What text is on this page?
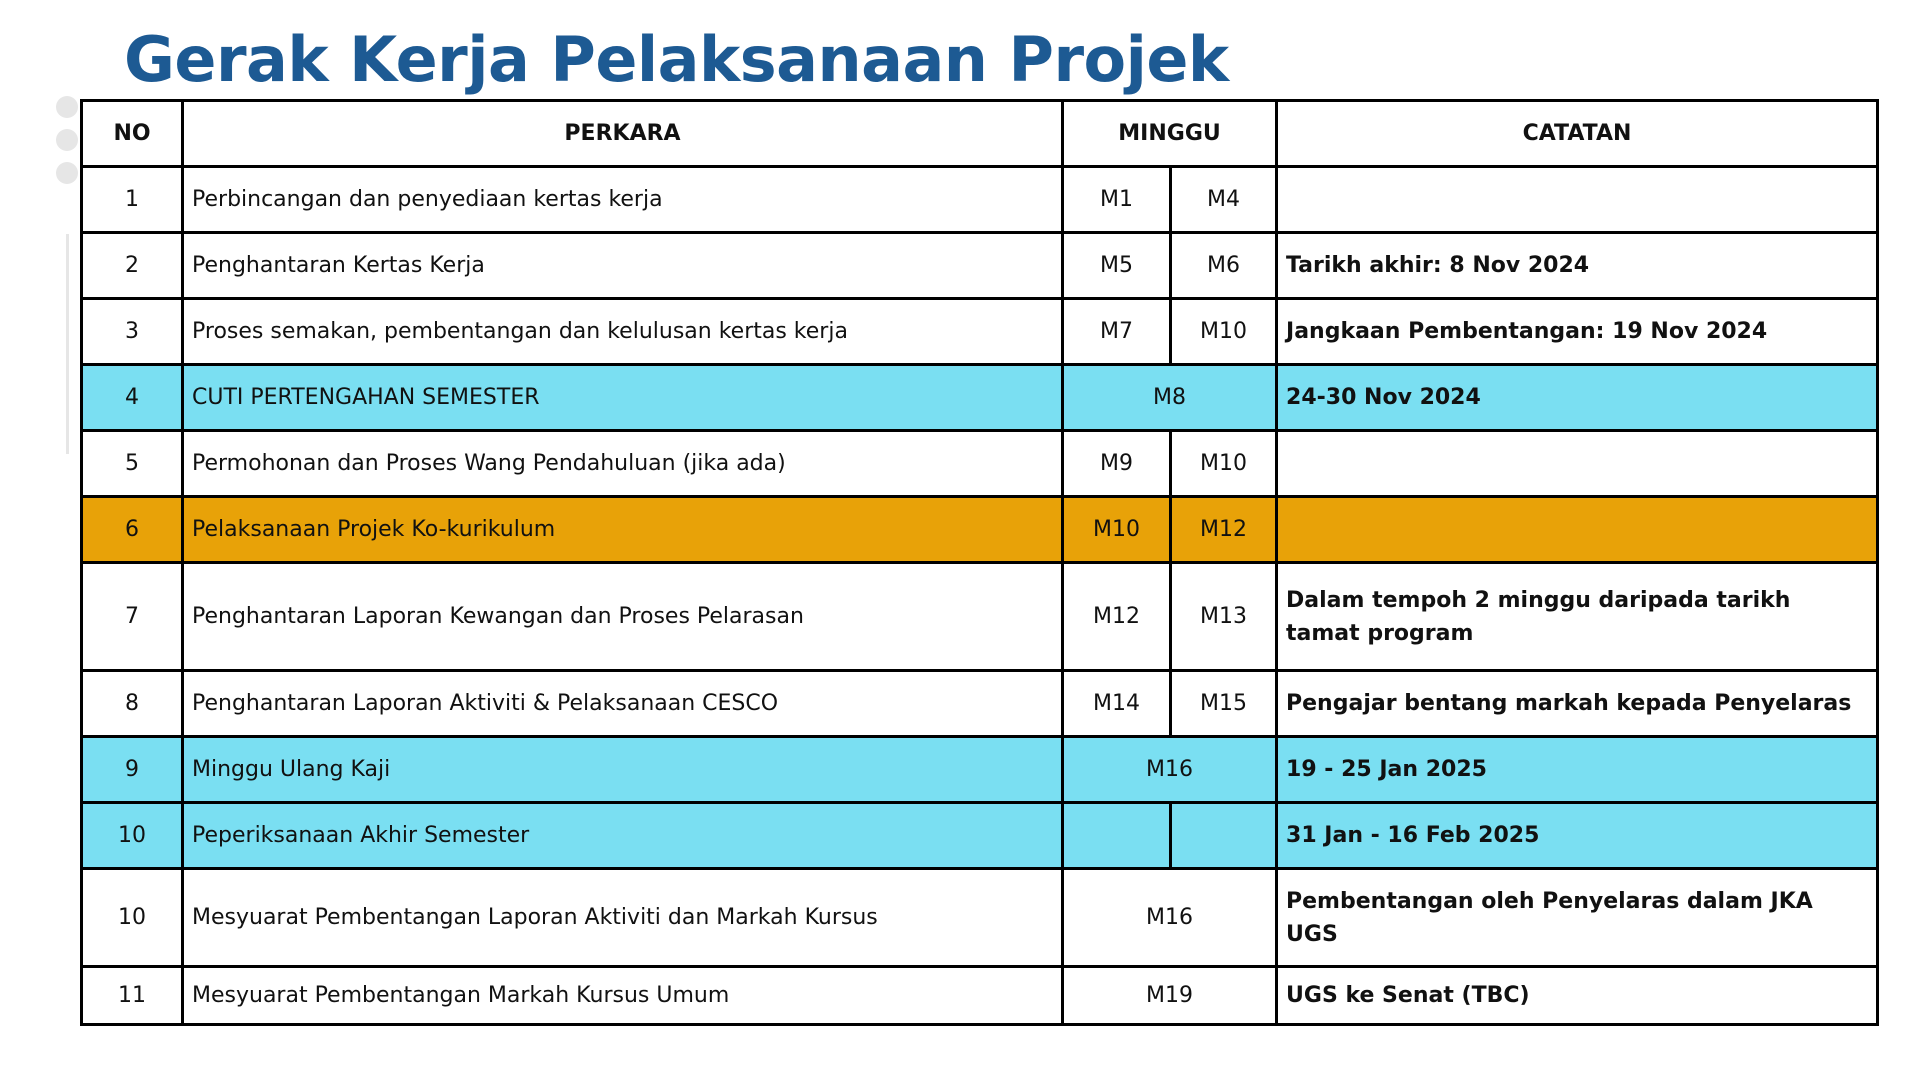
Gerak Kerja Pelaksanaan Projek
NO	PERKARA	MINGGU		CATATAN
1	Perbincangan dan penyediaan kertas kerja	M1	M4	
2	Penghantaran Kertas Kerja	M5	M6	Tarikh akhir: 8 Nov 2024
3	Proses semakan, pembentangan dan kelulusan kertas kerja	M7	M10	Jangkaan Pembentangan: 19 Nov 2024
4	CUTI PERTENGAHAN SEMESTER	M8		24-30 Nov 2024
5	Permohonan dan Proses Wang Pendahuluan (jika ada)	M9	M10	
6	Pelaksanaan Projek Ko-kurikulum	M10	M12	
7	Penghantaran Laporan Kewangan dan Proses Pelarasan	M12	M13	Dalam tempoh 2 minggu daripada tarikh tamat program
8	Penghantaran Laporan Aktiviti & Pelaksanaan CESCO	M14	M15	Pengajar bentang markah kepada Penyelaras
9	Minggu Ulang Kaji	M16		19 - 25 Jan 2025
10	Peperiksanaan Akhir Semester			31 Jan - 16 Feb 2025
10	Mesyuarat Pembentangan Laporan Aktiviti dan Markah Kursus	M16		Pembentangan oleh Penyelaras dalam JKA UGS
11	Mesyuarat Pembentangan Markah Kursus Umum	M19		UGS ke Senat (TBC)
